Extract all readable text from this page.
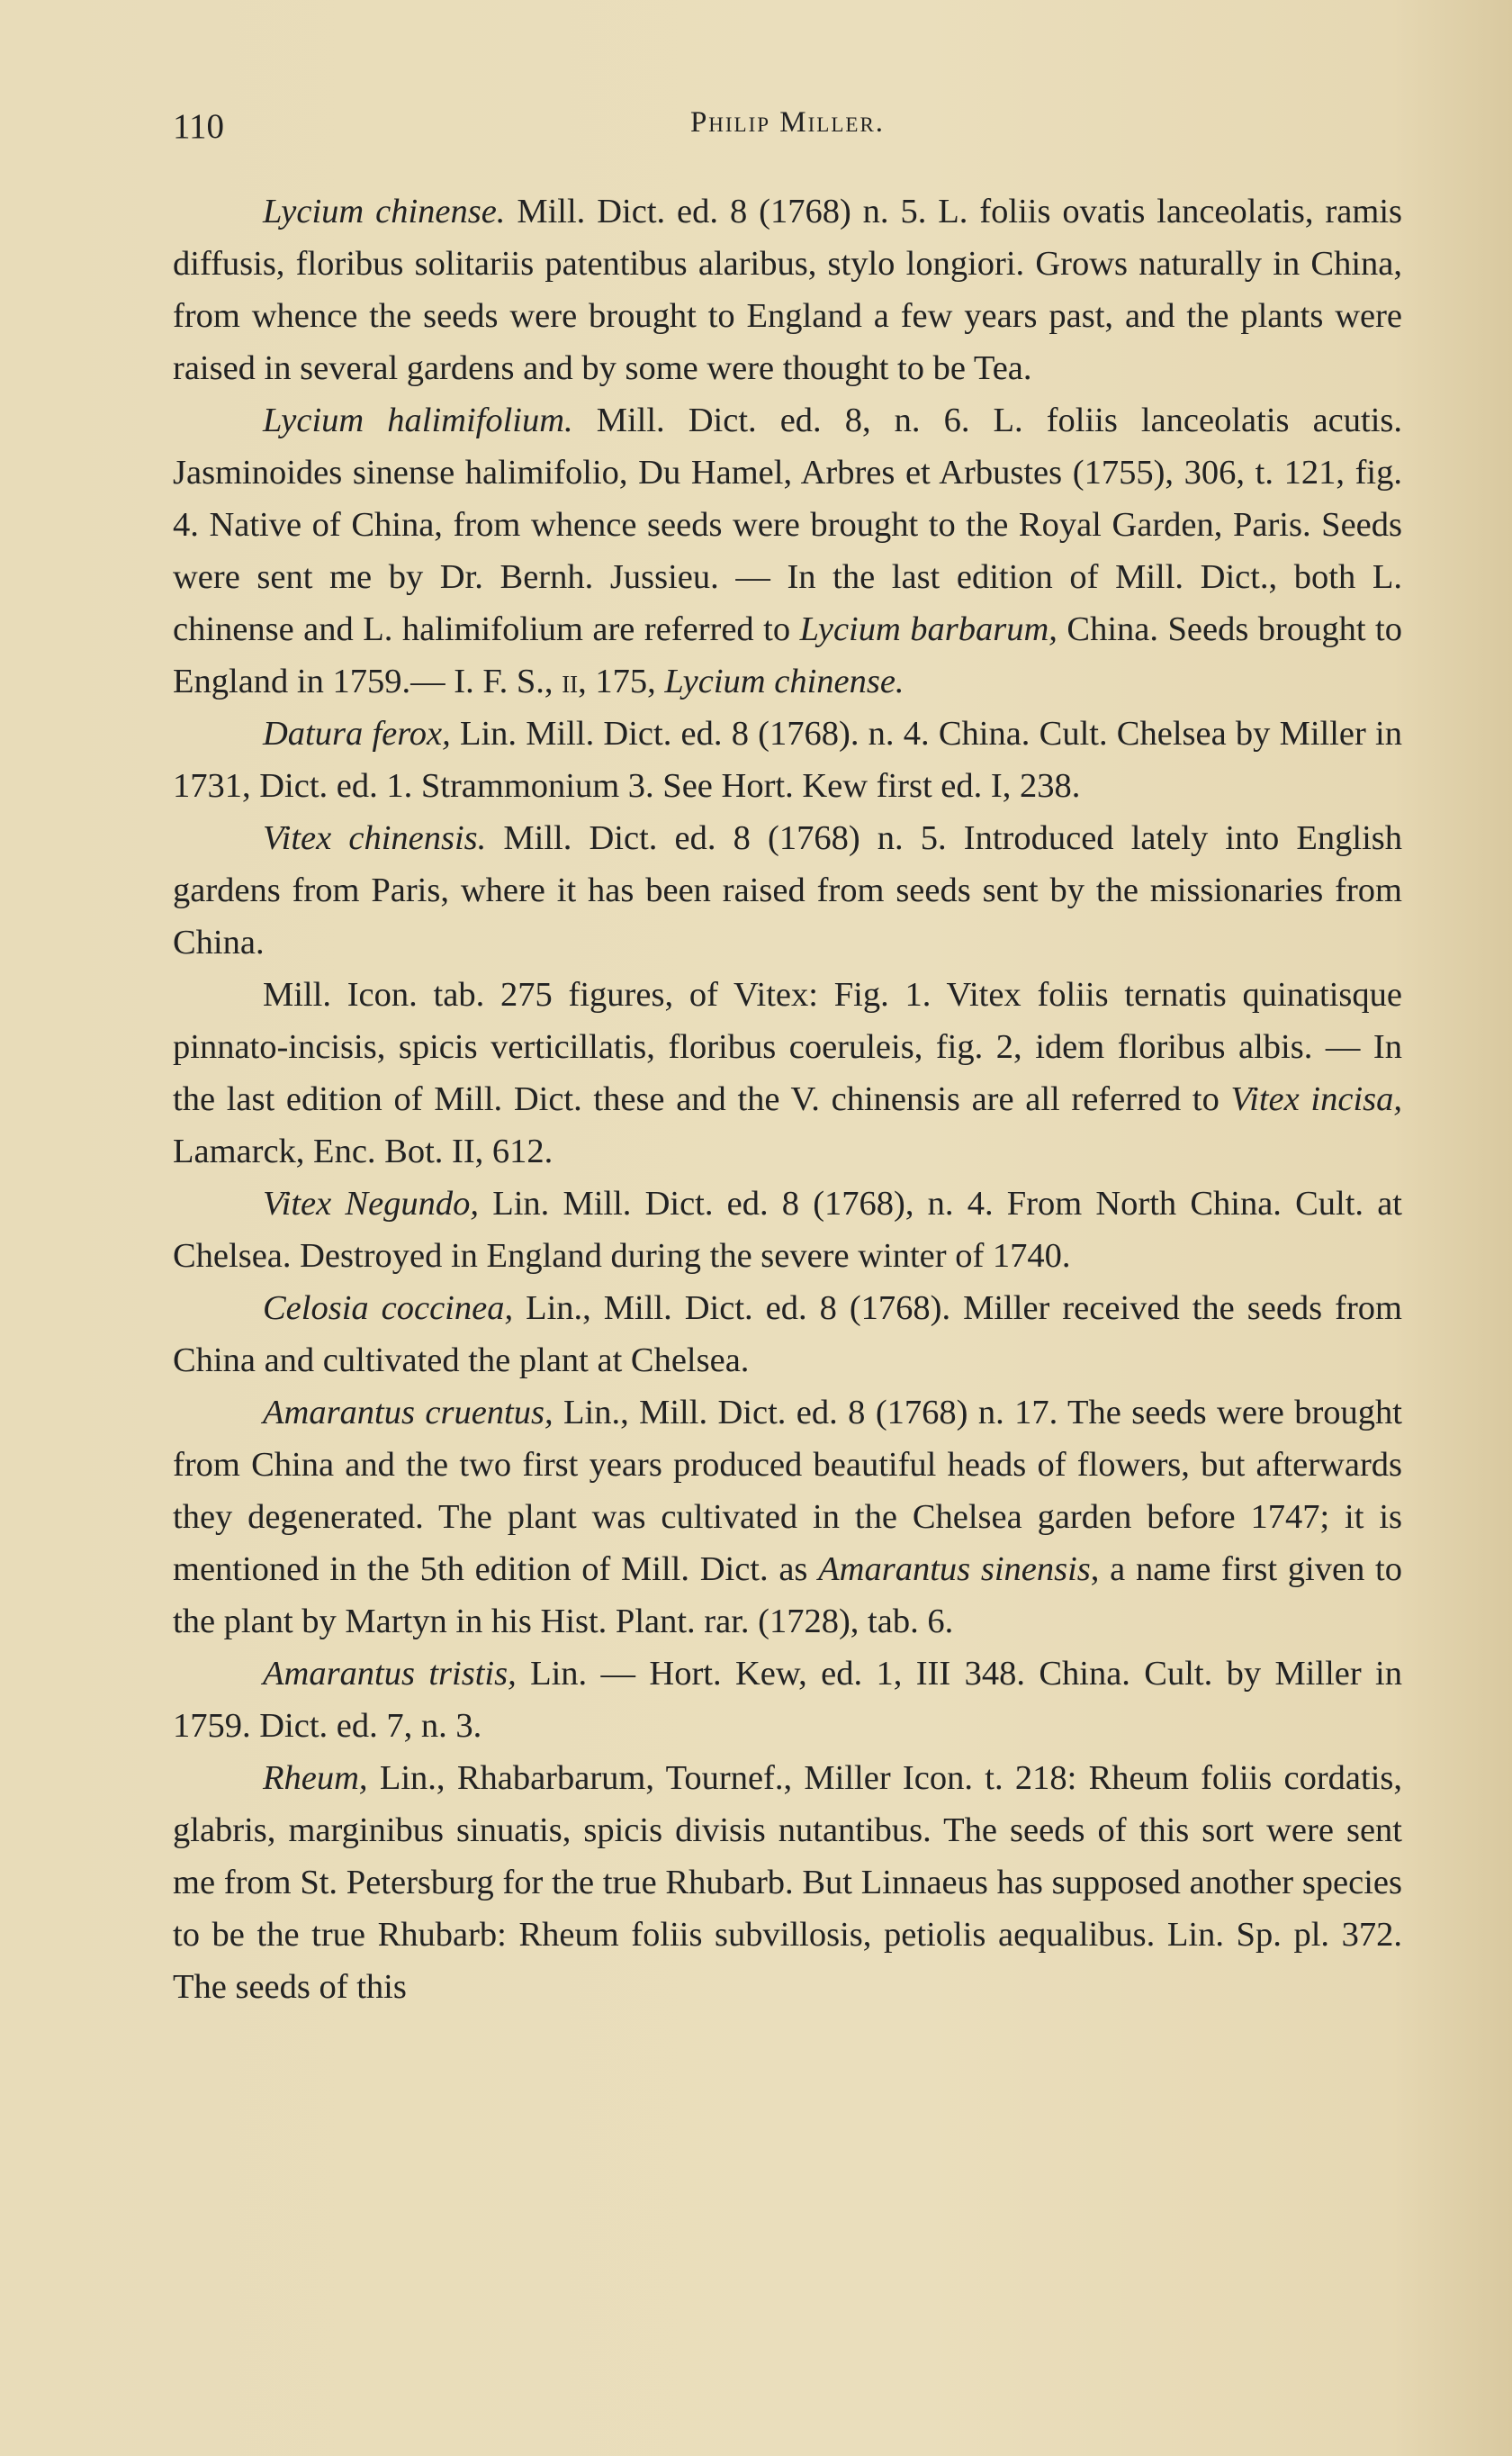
110	Philip Miller.

Lycium chinense. Mill. Dict. ed. 8 (1768) n. 5. L. foliis ovatis lanceolatis, ramis diffusis, floribus solitariis patentibus alaribus, stylo longiori. Grows naturally in China, from whence the seeds were brought to England a few years past, and the plants were raised in several gardens and by some were thought to be Tea.

Lycium halimifolium. Mill. Dict. ed. 8, n. 6. L. foliis lanceolatis acutis. Jasminoides sinense halimifolio, Du Hamel, Arbres et Arbustes (1755), 306, t. 121, fig. 4. Native of China, from whence seeds were brought to the Royal Garden, Paris. Seeds were sent me by Dr. Bernh. Jussieu. — In the last edition of Mill. Dict., both L. chinense and L. halimifolium are referred to Lycium barbarum, China. Seeds brought to England in 1759.— I. F. S., ii, 175, Lycium chinense.

Datura ferox, Lin. Mill. Dict. ed. 8 (1768). n. 4. China. Cult. Chelsea by Miller in 1731, Dict. ed. 1. Strammonium 3. See Hort. Kew first ed. I, 238.

Vitex chinensis. Mill. Dict. ed. 8 (1768) n. 5. Introduced lately into English gardens from Paris, where it has been raised from seeds sent by the missionaries from China.

Mill. Icon. tab. 275 figures, of Vitex: Fig. 1. Vitex foliis ternatis quinatisque pinnato-incisis, spicis verticillatis, floribus coeruleis, fig. 2, idem floribus albis. — In the last edition of Mill. Dict. these and the V. chinensis are all referred to Vitex incisa, Lamarck, Enc. Bot. II, 612.

Vitex Negundo, Lin. Mill. Dict. ed. 8 (1768), n. 4. From North China. Cult. at Chelsea. Destroyed in England during the severe winter of 1740.

Celosia coccinea, Lin., Mill. Dict. ed. 8 (1768). Miller received the seeds from China and cultivated the plant at Chelsea.

Amarantus cruentus, Lin., Mill. Dict. ed. 8 (1768) n. 17. The seeds were brought from China and the two first years produced beautiful heads of flowers, but afterwards they degenerated. The plant was cultivated in the Chelsea garden before 1747; it is mentioned in the 5th edition of Mill. Dict. as Amarantus sinensis, a name first given to the plant by Martyn in his Hist. Plant. rar. (1728), tab. 6.

Amarantus tristis, Lin. — Hort. Kew, ed. 1, III 348. China. Cult. by Miller in 1759. Dict. ed. 7, n. 3.

Rheum, Lin., Rhabarbarum, Tournef., Miller Icon. t. 218: Rheum foliis cordatis, glabris, marginibus sinuatis, spicis divisis nutantibus. The seeds of this sort were sent me from St. Petersburg for the true Rhubarb. But Linnaeus has supposed another species to be the true Rhubarb: Rheum foliis subvillosis, petiolis aequalibus. Lin. Sp. pl. 372. The seeds of this
